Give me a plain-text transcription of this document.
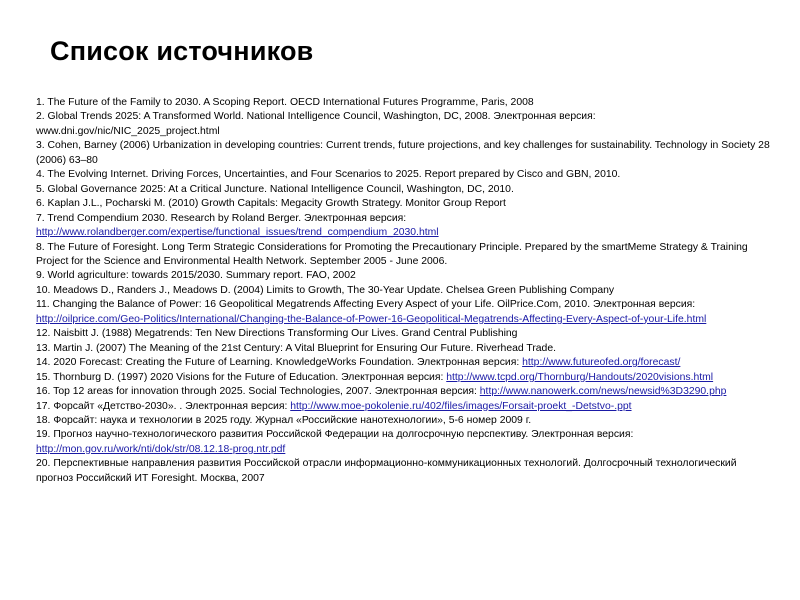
Список источников

1. The Future of the Family to 2030. A Scoping Report. OECD International Futures Programme, Paris, 2008

2. Global Trends 2025: A Transformed World. National Intelligence Council, Washington, DC, 2008. Электронная версия: www.dni.gov/nic/NIC_2025_project.html

3. Cohen, Barney (2006) Urbanization in developing countries: Current trends, future projections, and key challenges for sustainability. Technology in Society 28 (2006) 63–80

4. The Evolving Internet. Driving Forces, Uncertainties, and Four Scenarios to 2025. Report prepared by Cisco and GBN, 2010.

5. Global Governance 2025: At a Critical Juncture. National Intelligence Council, Washington, DC, 2010.

6. Kaplan J.L., Pocharski M. (2010) Growth Capitals: Megacity Growth Strategy. Monitor Group Report

7. Trend Compendium 2030. Research by Roland Berger. Электронная версия: http://www.rolandberger.com/expertise/functional_issues/trend_compendium_2030.html

8. The Future of Foresight. Long Term Strategic Considerations for Promoting the Precautionary Principle. Prepared by the smartMeme Strategy & Training Project for the Science and Environmental Health Network. September 2005 - June 2006.

9. World agriculture: towards 2015/2030. Summary report. FAO, 2002

10. Meadows D., Randers J., Meadows D. (2004) Limits to Growth, The 30-Year Update. Chelsea Green Publishing Company

11. Changing the Balance of Power: 16 Geopolitical Megatrends Affecting Every Aspect of your Life. OilPrice.Com, 2010. Электронная версия: http://oilprice.com/Geo-Politics/International/Changing-the-Balance-of-Power-16-Geopolitical-Megatrends-Affecting-Every-Aspect-of-your-Life.html

12. Naisbitt J. (1988) Megatrends: Ten New Directions Transforming Our Lives. Grand Central Publishing

13. Martin J. (2007) The Meaning of the 21st Century: A Vital Blueprint for Ensuring Our Future. Riverhead Trade.

14. 2020 Forecast: Creating the Future of Learning. KnowledgeWorks Foundation. Электронная версия: http://www.futureofed.org/forecast/

15. Thornburg D. (1997) 2020 Visions for the Future of Education. Электронная версия: http://www.tcpd.org/Thornburg/Handouts/2020visions.html

16. Top 12 areas for innovation through 2025. Social Technologies, 2007. Электронная версия: http://www.nanowerk.com/news/newsid%3D3290.php

17. Форсайт «Детство-2030». . Электронная версия: http://www.moe-pokolenie.ru/402/files/images/Forsait-proekt_-Detstvo-.ppt

18. Форсайт: наука и технологии в 2025 году. Журнал «Российские нанотехнологии», 5-6 номер 2009 г.

19. Прогноз научно-технологического развития Российской Федерации на долгосрочную перспективу. Электронная версия: http://mon.gov.ru/work/nti/dok/str/08.12.18-prog.ntr.pdf

20. Перспективные направления развития Российской отрасли информационно-коммуникационных технологий. Долгосрочный технологический прогноз Российский ИТ Foresight. Москва, 2007
